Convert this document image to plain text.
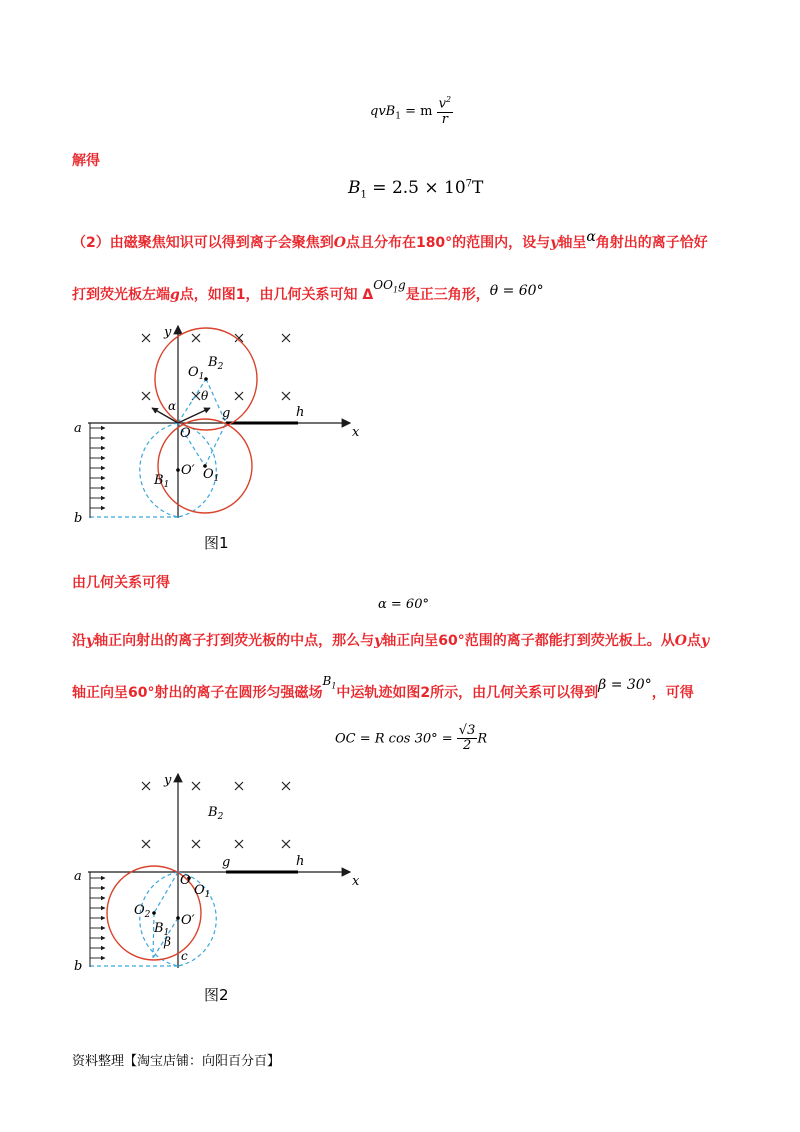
qvB$_1$ = m $\frac{v^2}{r}$
解得
$B_1 = 2.5 \times 10^7T$
（2）由磁聚焦知识可以得到离子会聚焦到O点且分布在180°的范围内，设与y轴呈α角射出的离子恰好
打到荧光板左端g点，如图1，由几何关系可知 $\Delta OO_1g$是正三角形，θ = 60°
y
x
O
$O_1$
$B_2$
α
θ
g	h
a
b
O′
$B_1$
$O_1$
图1
由几何关系可得
α = 60°
沿y轴正向射出的离子打到荧光板的中点，那么与y轴正向呈60°范围的离子都能打到荧光板上。从O点y
轴正向呈60°射出的离子在圆形匀强磁场$B_1$中运轨迹如图2所示，由几何关系可以得到β = 30°，可得
OC = R $\cos 30^\circ = \frac{√3}{2}$ R
y
x
$B_2$
g	h
O
$O_1$
a
b
$O_2$
$B_1$
O′
β
c
图2
资料整理【淘宝店铺：向阳百分百】
